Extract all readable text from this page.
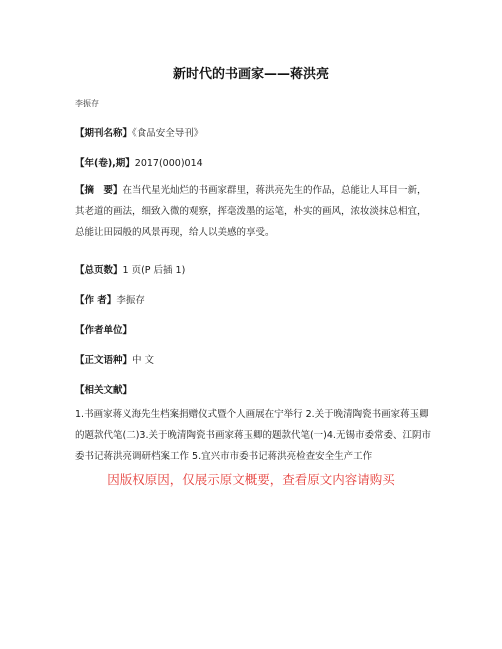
新时代的书画家——蒋洪亮
李振存
【期刊名称】《食品安全导刊》
【年(卷),期】2017(000)014
【摘　要】在当代星光灿烂的书画家群里，蒋洪亮先生的作品，总能让人耳目一新，其老道的画法，细致入微的观察，挥毫泼墨的运笔，朴实的画风，浓妆淡抹总相宜，总能让田园般的风景再现，给人以美感的享受。
【总页数】1 页(P 后插 1)
【作 者】李振存
【作者单位】
【正文语种】中 文
【相关文献】
1.书画家蒋义海先生档案捐赠仪式暨个人画展在宁举行 2.关于晚清陶瓷书画家蒋玉卿的题款代笔(二)3.关于晚清陶瓷书画家蒋玉卿的题款代笔(一)4.无锡市委常委、江阴市委书记蒋洪亮调研档案工作 5.宜兴市市委书记蒋洪亮检查安全生产工作
因版权原因，仅展示原文概要，查看原文内容请购买
